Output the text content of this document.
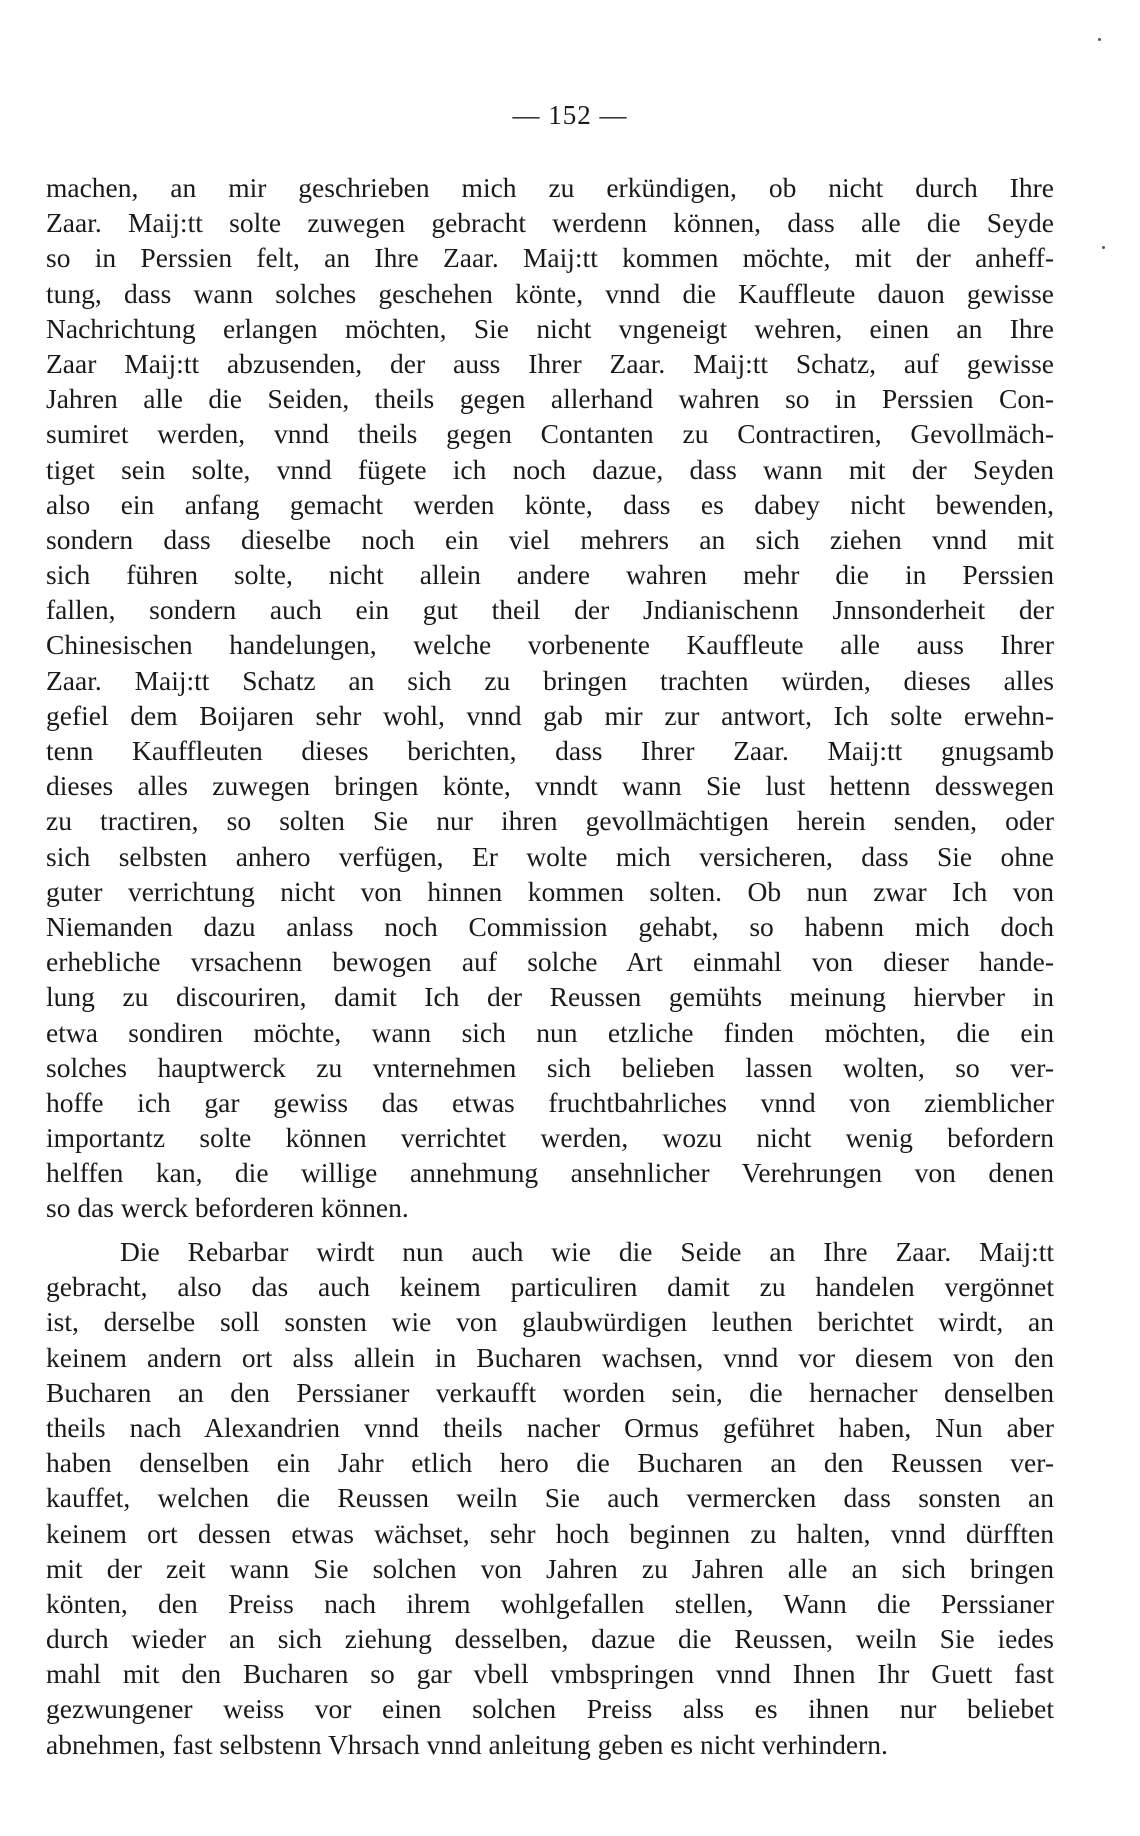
— 152 —
machen, an mir geschrieben mich zu erkündigen, ob nicht durch Ihre
Zaar. Maij:tt solte zuwegen gebracht werdenn können, dass alle die Seyde
so in Perssien felt, an Ihre Zaar. Maij:tt kommen möchte, mit der anheff-
tung, dass wann solches geschehen könte, vnnd die Kauffleute dauon gewisse
Nachrichtung erlangen möchten, Sie nicht vngeneigt wehren, einen an Ihre
Zaar Maij:tt abzusenden, der auss Ihrer Zaar. Maij:tt Schatz, auf gewisse
Jahren alle die Seiden, theils gegen allerhand wahren so in Perssien Con-
sumiret werden, vnnd theils gegen Contanten zu Contractiren, Gevollmäch-
tiget sein solte, vnnd fügete ich noch dazue, dass wann mit der Seyden
also ein anfang gemacht werden könte, dass es dabey nicht bewenden,
sondern dass dieselbe noch ein viel mehrers an sich ziehen vnnd mit
sich führen solte, nicht allein andere wahren mehr die in Perssien
fallen, sondern auch ein gut theil der Jndianischenn Jnnsonderheit der
Chinesischen handelungen, welche vorbenente Kauffleute alle auss Ihrer
Zaar. Maij:tt Schatz an sich zu bringen trachten würden, dieses alles
gefiel dem Boijaren sehr wohl, vnnd gab mir zur antwort, Ich solte erwehn-
tenn Kauffleuten dieses berichten, dass Ihrer Zaar. Maij:tt gnugsamb
dieses alles zuwegen bringen könte, vnndt wann Sie lust hettenn desswegen
zu tractiren, so solten Sie nur ihren gevollmächtigen herein senden, oder
sich selbsten anhero verfügen, Er wolte mich versicheren, dass Sie ohne
guter verrichtung nicht von hinnen kommen solten. Ob nun zwar Ich von
Niemanden dazu anlass noch Commission gehabt, so habenn mich doch
erhebliche vrsachenn bewogen auf solche Art einmahl von dieser hande-
lung zu discouriren, damit Ich der Reussen gemühts meinung hiervber in
etwa sondiren möchte, wann sich nun etzliche finden möchten, die ein
solches hauptwerck zu vnternehmen sich belieben lassen wolten, so ver-
hoffe ich gar gewiss das etwas fruchtbahrliches vnnd von ziemblicher
importantz solte können verrichtet werden, wozu nicht wenig befordern
helffen kan, die willige annehmung ansehnlicher Verehrungen von denen
so das werck beforderen können.
Die Rebarbar wirdt nun auch wie die Seide an Ihre Zaar. Maij:tt
gebracht, also das auch keinem particuliren damit zu handelen vergönnet
ist, derselbe soll sonsten wie von glaubwürdigen leuthen berichtet wirdt, an
keinem andern ort alss allein in Bucharen wachsen, vnnd vor diesem von den
Bucharen an den Perssianer verkaufft worden sein, die hernacher denselben
theils nach Alexandrien vnnd theils nacher Ormus geführet haben, Nun aber
haben denselben ein Jahr etlich hero die Bucharen an den Reussen ver-
kauffet, welchen die Reussen weiln Sie auch vermercken dass sonsten an
keinem ort dessen etwas wächset, sehr hoch beginnen zu halten, vnnd dürfften
mit der zeit wann Sie solchen von Jahren zu Jahren alle an sich bringen
könten, den Preiss nach ihrem wohlgefallen stellen, Wann die Perssianer
durch wieder an sich ziehung desselben, dazue die Reussen, weiln Sie iedes
mahl mit den Bucharen so gar vbell vmbspringen vnnd Ihnen Ihr Guett fast
gezwungener weiss vor einen solchen Preiss alss es ihnen nur beliebet
abnehmen, fast selbstenn Vhrsach vnnd anleitung geben es nicht verhindern.
